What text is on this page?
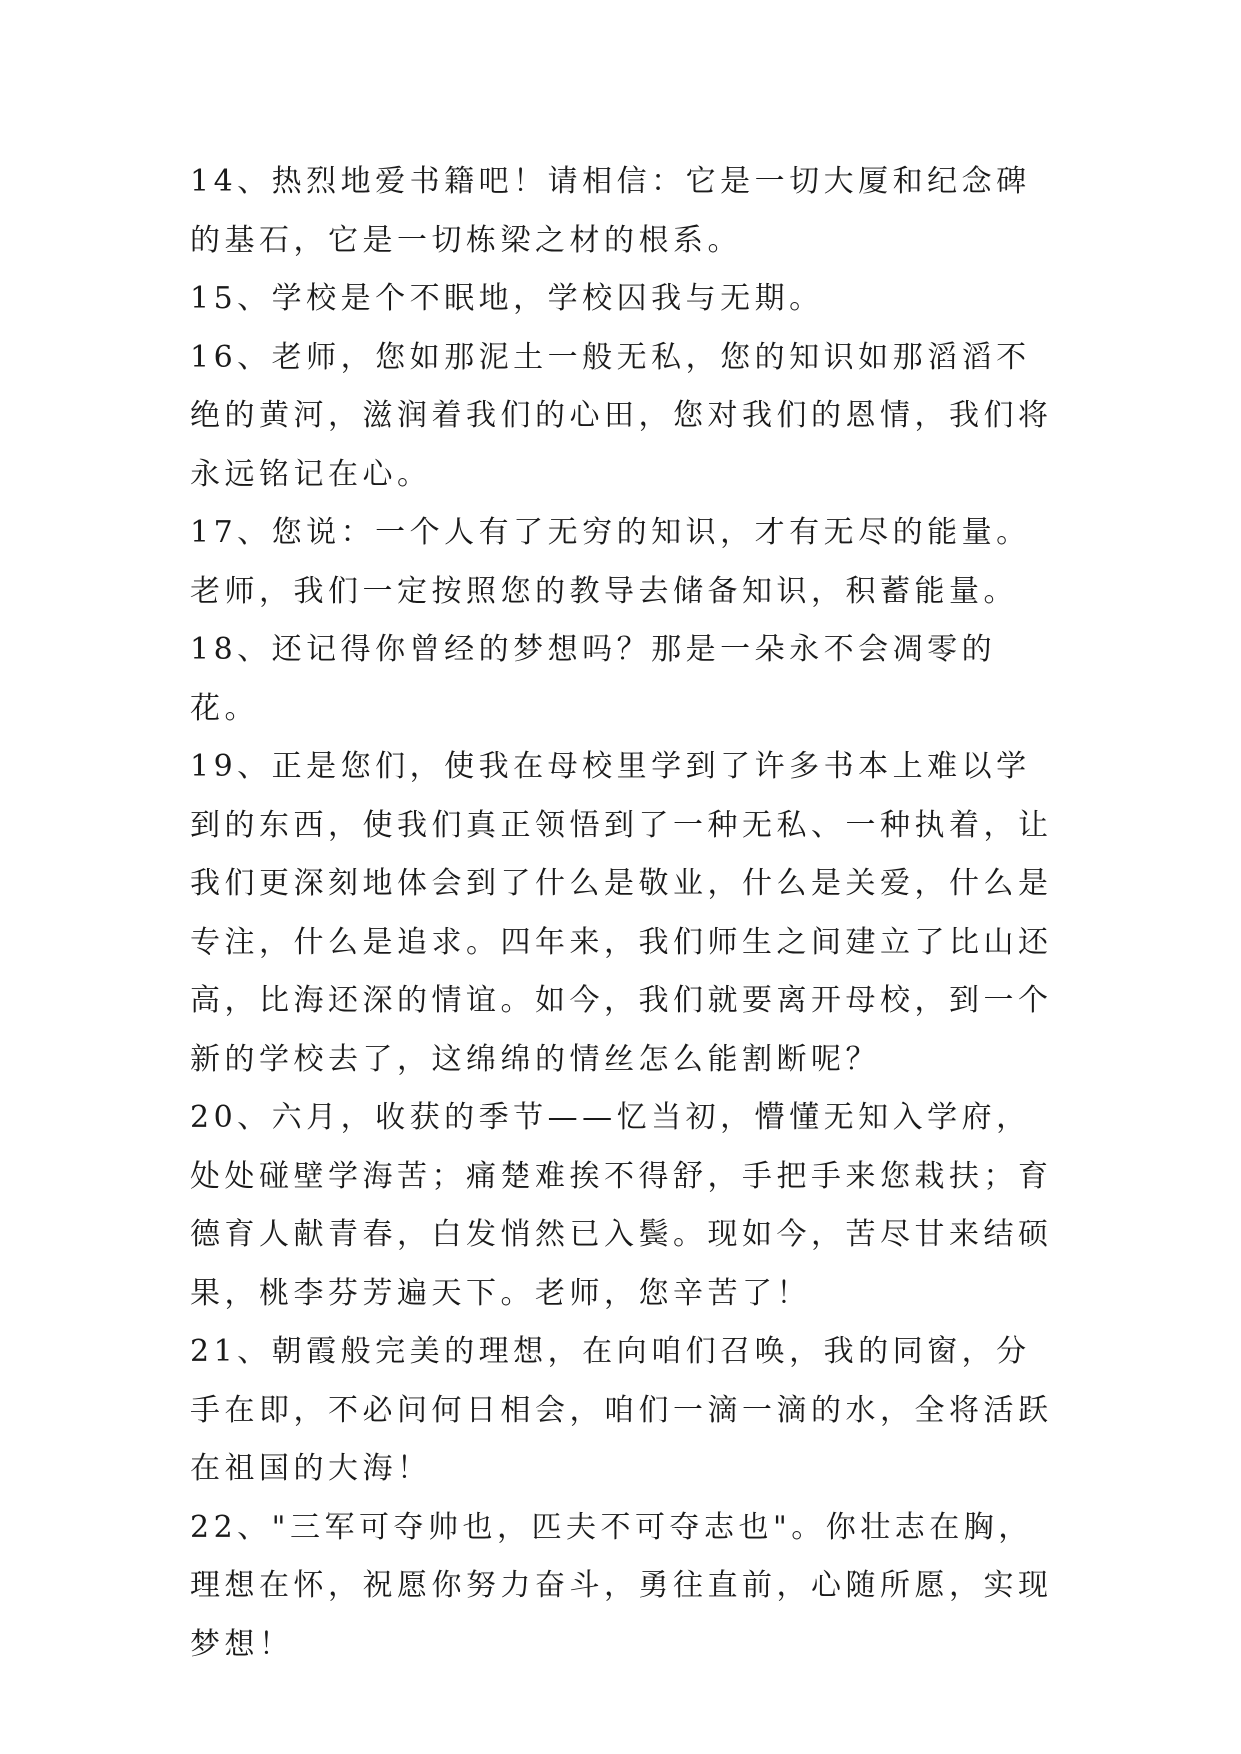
14、热烈地爱书籍吧！请相信：它是一切大厦和纪念碑的基石，它是一切栋梁之材的根系。

15、学校是个不眠地，学校囚我与无期。

16、老师，您如那泥土一般无私，您的知识如那滔滔不绝的黄河，滋润着我们的心田，您对我们的恩情，我们将永远铭记在心。

17、您说：一个人有了无穷的知识，才有无尽的能量。老师，我们一定按照您的教导去储备知识，积蓄能量。

18、还记得你曾经的梦想吗？那是一朵永不会凋零的花。

19、正是您们，使我在母校里学到了许多书本上难以学到的东西，使我们真正领悟到了一种无私、一种执着，让我们更深刻地体会到了什么是敬业，什么是关爱，什么是专注，什么是追求。四年来，我们师生之间建立了比山还高，比海还深的情谊。如今，我们就要离开母校，到一个新的学校去了，这绵绵的情丝怎么能割断呢？

20、六月，收获的季节——忆当初，懵懂无知入学府，处处碰壁学海苦；痛楚难挨不得舒，手把手来您栽扶；育德育人献青春，白发悄然已入鬓。现如今，苦尽甘来结硕果，桃李芬芳遍天下。老师，您辛苦了！

21、朝霞般完美的理想，在向咱们召唤，我的同窗，分手在即，不必问何日相会，咱们一滴一滴的水，全将活跃在祖国的大海！

22、"三军可夺帅也，匹夫不可夺志也"。你壮志在胸，理想在怀，祝愿你努力奋斗，勇往直前，心随所愿，实现梦想！
